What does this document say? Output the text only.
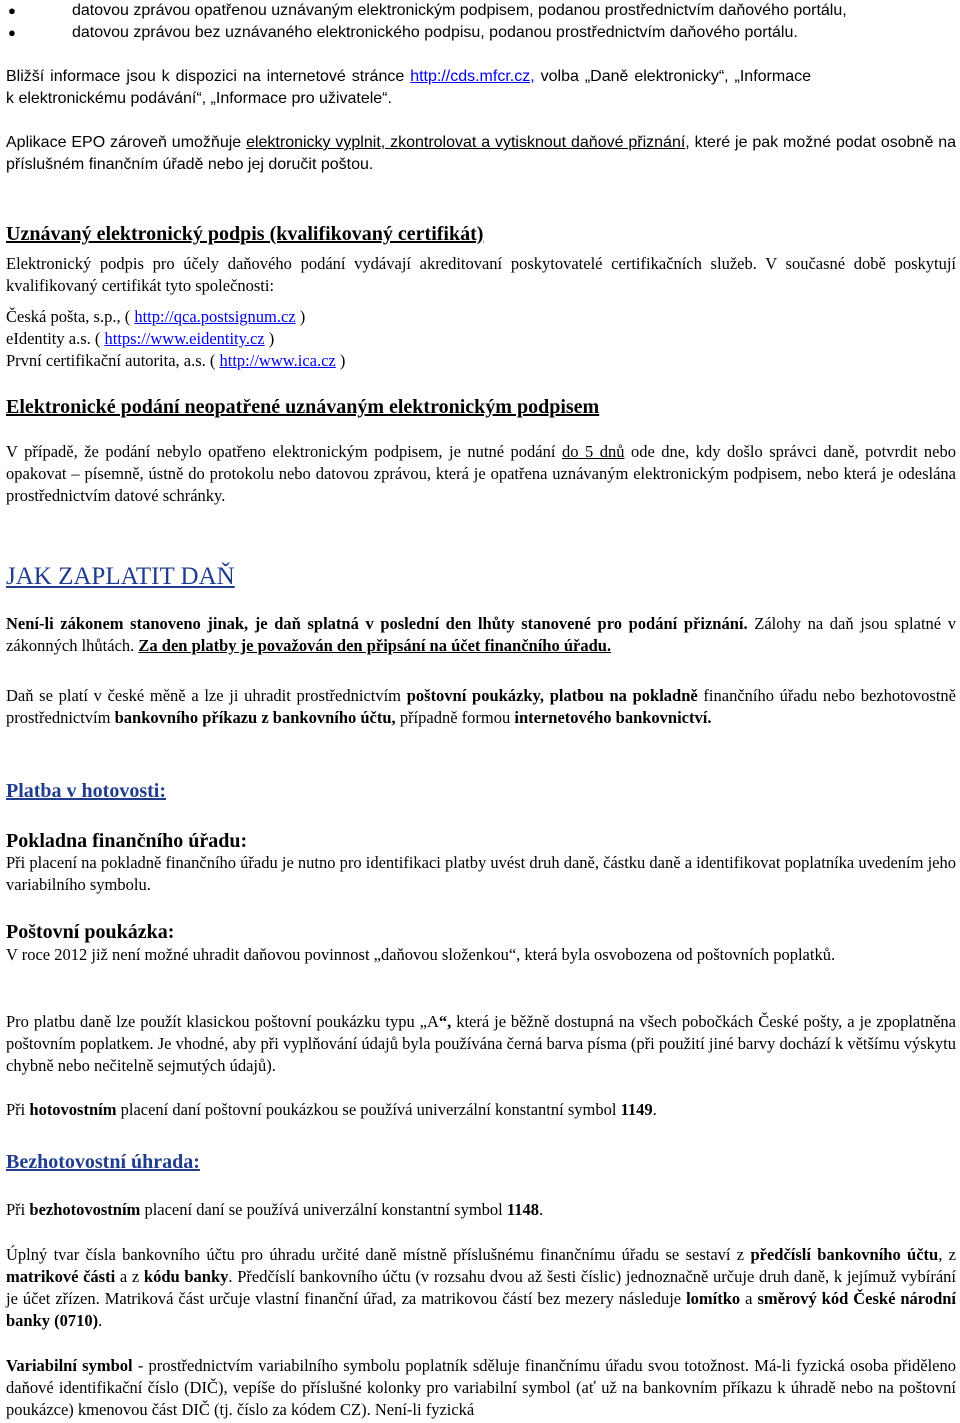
●	datovou zprávou opatřenou uznávaným elektronickým podpisem, podanou prostřednictvím daňového portálu,
●	datovou zprávou bez uznávaného elektronického podpisu, podanou prostřednictvím daňového portálu.
Bližší informace jsou k dispozici na internetové stránce http://cds.mfcr.cz, volba „Daně elektronicky“, „Informace
k elektronickému podávání“, „Informace pro uživatele“.

Aplikace EPO zároveň umožňuje elektronicky vyplnit, zkontrolovat a vytisknout daňové přiznání, které je pak možné podat osobně na příslušném finančním úřadě nebo jej doručit poštou.

Uznávaný elektronický podpis (kvalifikovaný certifikát)

Elektronický podpis pro účely daňového podání vydávají akreditovaní poskytovatelé certifikačních služeb. V současné době poskytují kvalifikovaný certifikát tyto společnosti:

Česká pošta, s.p., ( http://qca.postsignum.cz )
eIdentity a.s. ( https://www.eidentity.cz )
První certifikační autorita, a.s. ( http://www.ica.cz )
Elektronické podání neopatřené uznávaným elektronickým podpisem

V případě, že podání nebylo opatřeno elektronickým podpisem, je nutné podání do 5 dnů ode dne, kdy došlo správci daně, potvrdit nebo opakovat – písemně, ústně do protokolu nebo datovou zprávou, která je opatřena uznávaným elektronickým podpisem, nebo která je odeslána prostřednictvím datové schránky.

JAK ZAPLATIT DAŇ

Není-li zákonem stanoveno jinak, je daň splatná v poslední den lhůty stanovené pro podání přiznání. Zálohy na daň jsou splatné v zákonných lhůtách. Za den platby je považován den připsání na účet finančního úřadu.

Daň se platí v české měně a lze ji uhradit prostřednictvím poštovní poukázky, platbou na pokladně finančního úřadu nebo bezhotovostně prostřednictvím bankovního příkazu z bankovního účtu, případně formou internetového bankovnictví.

Platba v hotovosti:
Pokladna finančního úřadu:

Při placení na pokladně finančního úřadu je nutno pro identifikaci platby uvést druh daně, částku daně a identifikovat poplatníka uvedením jeho variabilního symbolu.

Poštovní poukázka:

V roce 2012 již není možné uhradit daňovou povinnost „daňovou složenkou“, která byla osvobozena od poštovních poplatků.

Pro platbu daně lze použít klasickou poštovní poukázku typu „A“, která je běžně dostupná na všech pobočkách České pošty, a je zpoplatněna poštovním poplatkem. Je vhodné, aby při vyplňování údajů byla používána černá barva písma (při použití jiné barvy dochází k většímu výskytu chybně nebo nečitelně sejmutých údajů).

Při hotovostním placení daní poštovní poukázkou se používá univerzální konstantní symbol 1149.

Bezhotovostní úhrada:

Při bezhotovostním placení daní se používá univerzální konstantní symbol 1148.

Úplný tvar čísla bankovního účtu pro úhradu určité daně místně příslušnému finančnímu úřadu se sestaví z předčíslí bankovního účtu, z matrikové části a z kódu banky. Předčíslí bankovního účtu (v rozsahu dvou až šesti číslic) jednoznačně určuje druh daně, k jejímuž vybírání je účet zřízen. Matriková část určuje vlastní finanční úřad, za matrikovou částí bez mezery následuje lomítko a směrový kód České národní banky (0710).

Variabilní symbol - prostřednictvím variabilního symbolu poplatník sděluje finančnímu úřadu svou totožnost. Má-li fyzická osoba přiděleno daňové identifikační číslo (DIČ), vepíše do příslušné kolonky pro variabilní symbol (ať už na bankovním příkazu k úhradě nebo na poštovní poukázce) kmenovou část DIČ (tj. číslo za kódem CZ). Není-li fyzická
